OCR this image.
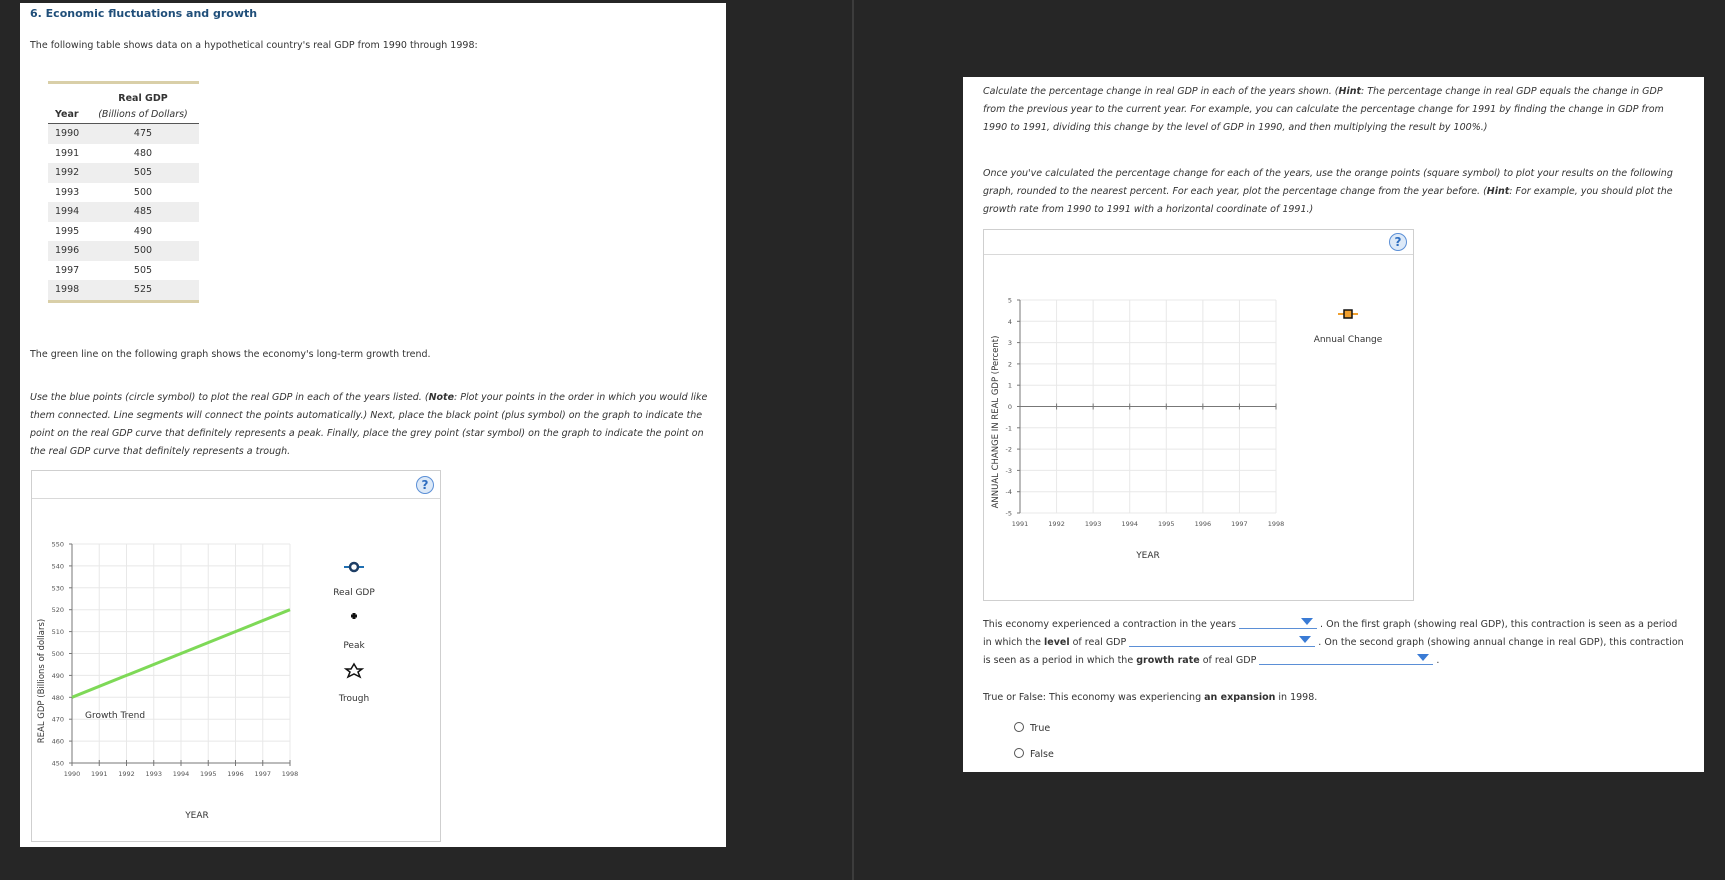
6. Economic fluctuations and growth
The following table shows data on a hypothetical country's real GDP from 1990 through 1998:
	Real GDP
Year	(Billions of Dollars)
1990	475
1991	480
1992	505
1993	500
1994	485
1995	490
1996	500
1997	505
1998	525
The green line on the following graph shows the economy's long-term growth trend.
Use the blue points (circle symbol) to plot the real GDP in each of the years listed. (Note: Plot your points in the order in which you would like them connected. Line segments will connect the points automatically.) Next, place the black point (plus symbol) on the graph to indicate the point on the real GDP curve that definitely represents a peak. Finally, place the grey point (star symbol) on the graph to indicate the point on the real GDP curve that definitely represents a trough.
?
450
460
470
480
490
500
510
520
530
540
550
1990 1991 1992 1993 1994 1995 1996 1997 1998
REAL GDP (Billions of dollars)
YEAR
Growth Trend
Real GDP
Peak
Trough
Calculate the percentage change in real GDP in each of the years shown. (Hint: The percentage change in real GDP equals the change in GDP from the previous year to the current year. For example, you can calculate the percentage change for 1991 by finding the change in GDP from 1990 to 1991, dividing this change by the level of GDP in 1990, and then multiplying the result by 100%.)
Once you've calculated the percentage change for each of the years, use the orange points (square symbol) to plot your results on the following graph, rounded to the nearest percent. For each year, plot the percentage change from the year before. (Hint: For example, you should plot the growth rate from 1990 to 1991 with a horizontal coordinate of 1991.)
?
-5
-4
-3
-2
-1
0
1
2
3
4
5
1991	1992	1993	1994	1995	1996	1997	1998
ANNUAL CHANGE IN REAL GDP (Percent)
YEAR
Annual Change
This economy experienced a contraction in the years	. On the first graph (showing real GDP), this contraction is seen as a period in which the level of real GDP	. On the second graph (showing annual change in real GDP), this contraction is seen as a period in which the growth rate of real GDP	.
True or False: This economy was experiencing an expansion in 1998.
True
False
